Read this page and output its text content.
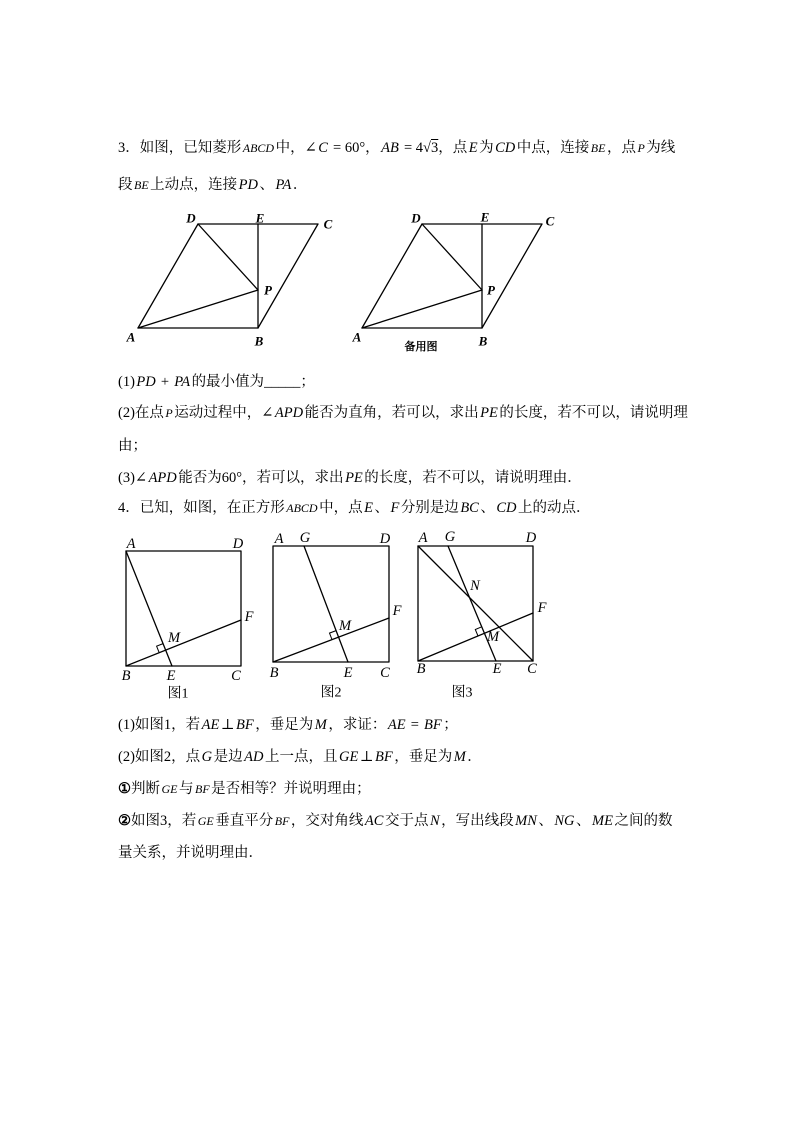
3．如图，已知菱形 ABCD 中，∠ C = 60°， AB = 4√3，点 E 为 CD 中点，连接 BE ，点 P 为线
段 BE 上动点，连接 PD 、 PA ．
D	E	C
P
A	B
D	E	C
P
A	B
备用图
(1) PD + PA 的最小值为_____；
(2)在点 P 运动过程中，∠ APD 能否为直角，若可以，求出 PE 的长度，若不可以，请说明理
由；
(3)∠ APD 能否为60°，若可以，求出 PE 的长度，若不可以，请说明理由．
4．已知，如图，在正方形 ABCD 中，点 E 、 F 分别是边 BC 、 CD 上的动点．
A	D
F
M
B E	C
图1
A G	D
F
M
B	E C
图2
A G	D
N
F
M
B	E C
图3
(1)如图1，若 AE ⊥ BF ，垂足为 M ，求证： AE = BF ；
(2)如图2，点 G 是边 AD 上一点，且 GE ⊥ BF ，垂足为 M ．
①判断 GE 与 BF 是否相等？并说明理由；
②如图3，若 GE 垂直平分 BF ，交对角线 AC 交于点 N ，写出线段 MN 、 NG 、 ME 之间的数
量关系，并说明理由．
